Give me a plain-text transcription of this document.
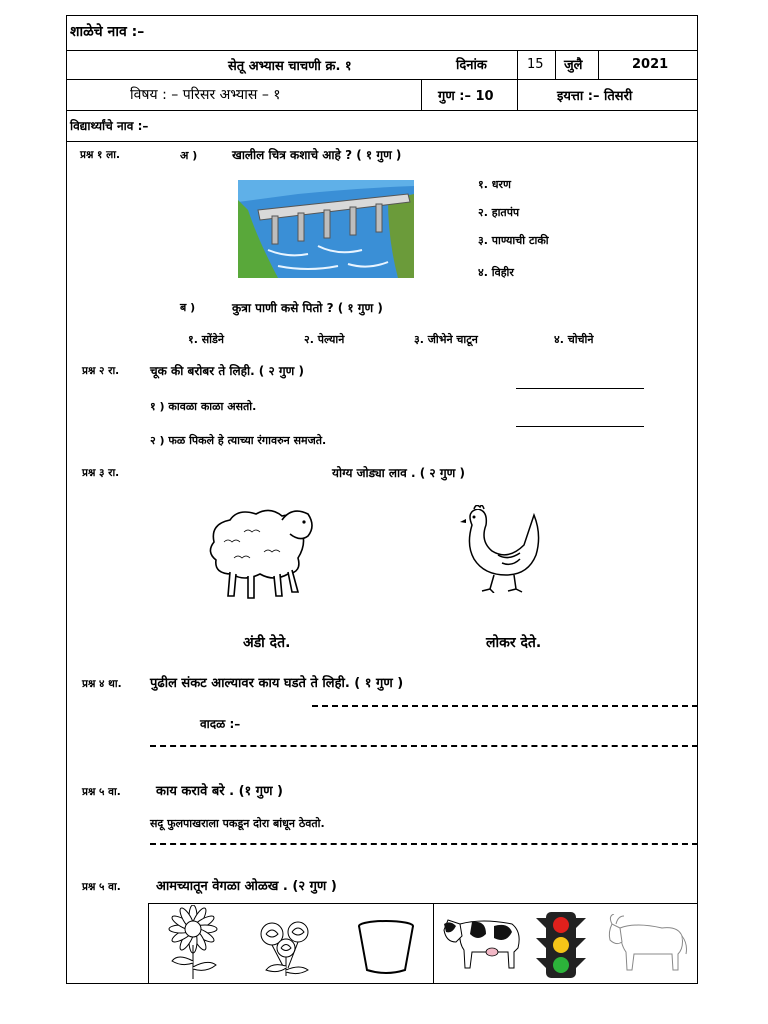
शाळेचे नाव :–
सेतू अभ्यास चाचणी क्र. १	दिनांक	15 जुलै	2021
विषय : – परिसर अभ्यास – १	गुण :– 10	इयत्ता :– तिसरी
विद्यार्थ्यांचे नाव :–
प्रश्न १ ला.	अ )	खालील चित्र कशाचे आहे ? ( १ गुण )
१. धरण
२. हातपंप
३. पाण्याची टाकी
४. विहीर
ब )	कुत्रा पाणी कसे पितो ? ( १ गुण )
१. सोंडेने	२. पेल्याने	३. जीभेने चाटून	४. चोचीने
प्रश्न २ रा.	चूक की बरोबर ते लिही. ( २ गुण )
१ ) कावळा काळा असतो.
२ ) फळ पिकले हे त्याच्या रंगावरुन समजते.
प्रश्न ३ रा.	योग्य जोड्या लाव . ( २ गुण )
अंडी देते.	लोकर देते.
प्रश्न ४ था. पुढील संकट आल्यावर काय घडते ते लिही. ( १ गुण )
वादळ :–
प्रश्न ५ वा.	काय करावे बरे . (१ गुण )
सदू फुलपाखराला पकडून दोरा बांधून ठेवतो.
प्रश्न ५ वा.	आमच्यातून वेगळा ओळख . (२ गुण )
